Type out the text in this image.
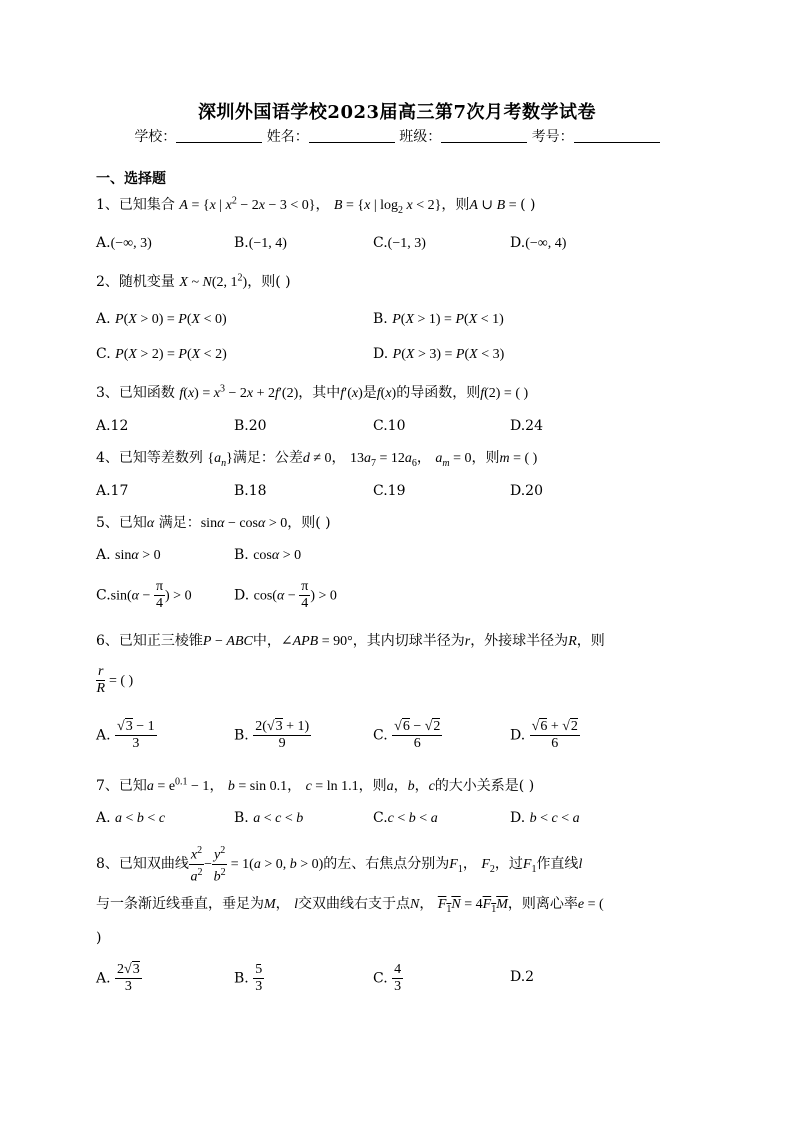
深圳外国语学校2023届高三第7次月考数学试卷
学校：	姓名：	班级：	考号：
一、选择题
1、已知集合 A = {x | $x^2 - 2x - 3 < 0$}， B = {x | $\log_2 x < 2$}，则A ∪ B = ( )
A.(−∞, 3)	B.(−1, 4)	C.(−1, 3)	D.(−∞, 4)
2、随机变量 X ~ N(2, $1^2$)，则( )
A. P(X > 0) = P(X < 0)	B. P(X > 1) = P(X < 1)
C. P(X > 2) = P(X < 2)	D. P(X > 3) = P(X < 3)
3、已知函数 $f(x) = x^3 - 2x + 2f'(2)$，其中f′(x)是f(x)的导函数，则f(2) = ( )
A.12	B.20	C.10	D.24
4、已知等差数列 $\{a_n\}$满足：公差d ≠ 0， $13a_7 = 12a_6$， $a_m = 0$，则m = ( )
A.17	B.18	C.19	D.20
5、已知α 满足：sinα − cosα > 0，则( )
A. sinα > 0	B. cosα > 0
$C.\sin(\alpha - \frac{\pi}{4}$ ) > 0	D. $\cos(\alpha - \frac{\pi}{4}$ ) > 0
6、已知正三棱锥P − ABC中，∠APB = 90°，其内切球半径为r，外接球半径为R，则
$\frac{r}{R}$ = ( )
A. $\frac{√3 - 1}{3}$	B. $\frac{2(√3 + 1)}{9}$	C. $\frac{√6 - √2}{6}$	D. $\frac{√6 + √2}{6}$
7、已知$a = e^{0.1} - 1$， b = sin 0.1， c = ln 1.1，则a，b，c的大小关系是( )
A. a < b < c	B. a < c < b	C.c < b < a	D. b < c < a
8、已知双曲线 $\frac{x^2}{a^2} - \frac{y^2}{b^2} = 1(a > 0$, b > 0)的左、右焦点分别为$F_1$， $F_2$，过$F_1$作直线l
与一条渐近线垂直，垂足为M， l交双曲线右支于点N， $F_1N = 4F_1M$，则离心率e = (
)
A. $\frac{2√3}{3}$	B. $\frac{5}{3}$	C. $\frac{4}{3}$	D.2
